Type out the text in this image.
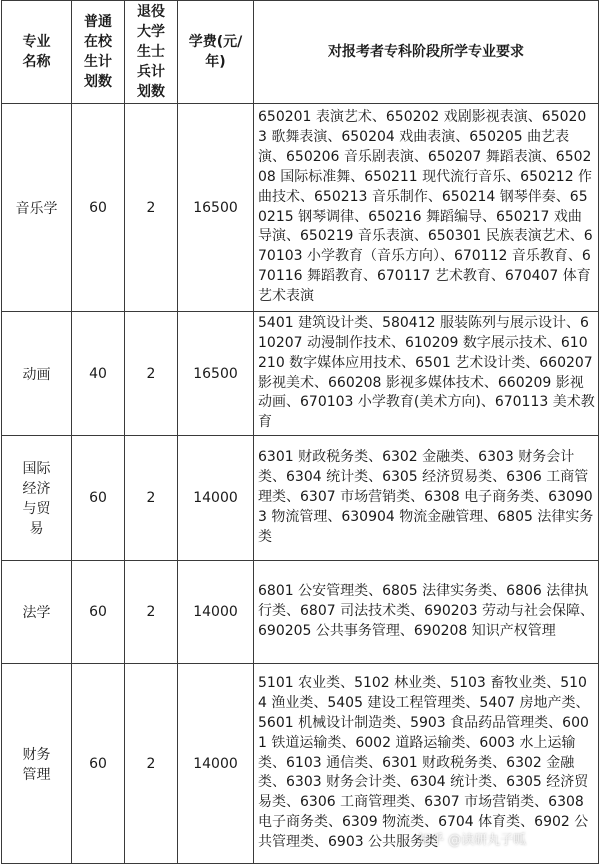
专业名称	普通在校生计划数	退役大学生士兵计划数	学费(元/年)	对报考者专科阶段所学专业要求
音乐学	60	2	16500	650201 表演艺术、650202 戏剧影视表演、650203 歌舞表演、650204 戏曲表演、650205 曲艺表演、650206 音乐剧表演、650207 舞蹈表演、650208 国际标准舞、650211 现代流行音乐、650212 作曲技术、650213 音乐制作、650214 钢琴伴奏、650215 钢琴调律、650216 舞蹈编导、650217 戏曲导演、650219 音乐表演、650301 民族表演艺术、670103 小学教育（音乐方向）、670112 音乐教育、670116 舞蹈教育、670117 艺术教育、670407 体育艺术表演
动画	40	2	16500	5401 建筑设计类、580412 服装陈列与展示设计、610207 动漫制作技术、610209 数字展示技术、610210 数字媒体应用技术、6501 艺术设计类、660207 影视美术、660208 影视多媒体技术、660209 影视动画、670103 小学教育(美术方向)、670113 美术教育
国际经济与贸易	60	2	14000	6301 财政税务类、6302 金融类、6303 财务会计类、6304 统计类、6305 经济贸易类、6306 工商管理类、6307 市场营销类、6308 电子商务类、630903 物流管理、630904 物流金融管理、6805 法律实务类
法学	60	2	14000	6801 公安管理类、6805 法律实务类、6806 法律执行类、6807 司法技术类、690203 劳动与社会保障、690205 公共事务管理、690208 知识产权管理
财务管理	60	2	14000	5101 农业类、5102 林业类、5103 畜牧业类、5104 渔业类、5405 建设工程管理类、5407 房地产类、5601 机械设计制造类、5903 食品药品管理类、6001 铁道运输类、6002 道路运输类、6003 水上运输类、6103 通信类、6301 财政税务类、6302 金融类、6303 财务会计类、6304 统计类、6305 经济贸易类、6306 工商管理类、6307 市场营销类、6308 电子商务类、6309 物流类、6704 体育类、6902 公共管理类、6903 公共服务类
知乎 @读研丸子呱
